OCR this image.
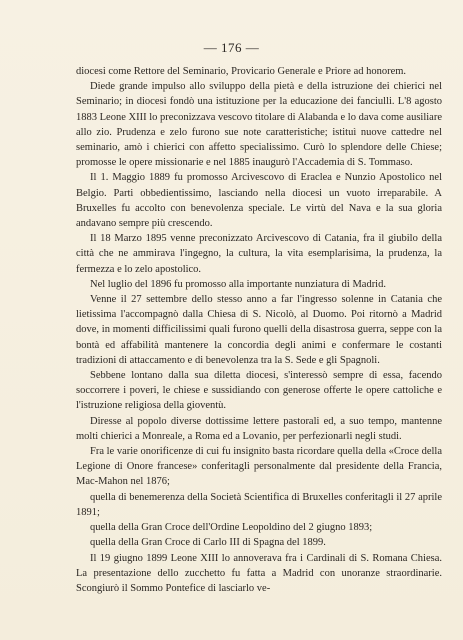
— 176 —

diocesi come Rettore del Seminario, Provicario Generale e Priore ad honorem.

Diede grande impulso allo sviluppo della pietà e della istruzione dei chierici nel Seminario; in diocesi fondò una istituzione per la educazione dei fanciulli. L'8 agosto 1883 Leone XIII lo preconizzava vescovo titolare di Alabanda e lo dava come ausiliare allo zio. Prudenza e zelo furono sue note caratteristiche; istituì nuove cattedre nel seminario, amò i chierici con affetto specialissimo. Curò lo splendore delle Chiese; promosse le opere missionarie e nel 1885 inaugurò l'Accademia di S. Tommaso.

Il 1. Maggio 1889 fu promosso Arcivescovo di Eraclea e Nunzio Apostolico nel Belgio. Parti obbedientissimo, lasciando nella diocesi un vuoto irreparabile. A Bruxelles fu accolto con benevolenza speciale. Le virtù del Nava e la sua gloria andavano sempre più crescendo.

Il 18 Marzo 1895 venne preconizzato Arcivescovo di Catania, fra il giubilo della città che ne ammirava l'ingegno, la cultura, la vita esemplarisima, la prudenza, la fermezza e lo zelo apostolico.

Nel luglio del 1896 fu promosso alla importante nunziatura di Madrid.

Venne il 27 settembre dello stesso anno a far l'ingresso solenne in Catania che lietissima l'accompagnò dalla Chiesa di S. Nicolò, al Duomo. Poi ritornò a Madrid dove, in momenti difficilissimi quali furono quelli della disastrosa guerra, seppe con la bontà ed affabilità mantenere la concordia degli animi e confermare le costanti tradizioni di attaccamento e di benevolenza tra la S. Sede e gli Spagnoli.

Sebbene lontano dalla sua diletta diocesi, s'interessò sempre di essa, facendo soccorrere i poveri, le chiese e sussidiando con generose offerte le opere cattoliche e l'istruzione religiosa della gioventù.

Diresse al popolo diverse dottissime lettere pastorali ed, a suo tempo, mantenne molti chierici a Monreale, a Roma ed a Lovanio, per perfezionarli negli studi.

Fra le varie onorificenze di cui fu insignito basta ricordare quella della «Croce della Legione di Onore francese» conferitagli personalmente dal presidente della Francia, Mac-Mahon nel 1876;

quella di benemerenza della Società Scientifica di Bruxelles conferitagli il 27 aprile 1891;

quella della Gran Croce dell'Ordine Leopoldino del 2 giugno 1893;

quella della Gran Croce di Carlo III di Spagna del 1899.

Il 19 giugno 1899 Leone XIII lo annoverava fra i Cardinali di S. Romana Chiesa. La presentazione dello zucchetto fu fatta a Madrid con unoranze straordinarie. Scongiurò il Sommo Pontefice di lasciarlo ve-
